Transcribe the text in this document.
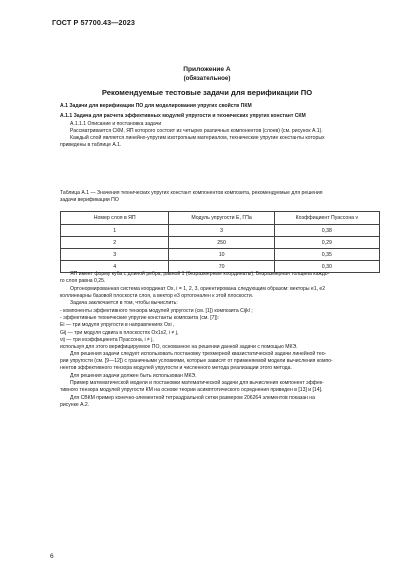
ГОСТ Р 57700.43—2023
Приложение А
(обязательное)
Рекомендуемые тестовые задачи для верификации ПО
А.1 Задачи для верификации ПО для моделирования упругих свойств ПКМ
А.1.1 Задача для расчета эффективных модулей упругости и технических упругих констант СКМ
А.1.1.1 Описание и постановка задачи
Рассматривается СКМ, ЯП которого состоит из четырех различных компонентов (слоев) (см. рисунок А.1).
Каждый слой является линейно-упругим изотропным материалом, технические упругие константы которых
приведены в таблице А.1.
Таблица А.1 — Значения технических упругих констант компонентов композита, рекомендуемые для решения
задачи верификации ПО
Номер слоя в ЯП	Модуль упругости E, ГПа	Коэффициент Пуассона ν
1	3	0,38
2	250	0,29
3	10	0,35
4	70	0,30
ЯП имеет форму куба с длиной ребра, равной 1 (безразмерные координаты). Безразмерная толщина каждо-
го слоя равна 0,25.
Ортонормированная система координат Ox, i = 1, 2, 3, ориентирована следующим образом: векторы e1, e2
коллинеарны базовой плоскости слоя, а вектор e3 ортогонален к этой плоскости.
Задача заключается в том, чтобы вычислить:
- компоненты эффективного тензора модулей упругости (см. [1]) композита C̃ijkl ;
- эффективные технические упругие константы композита (см. [7]):
Ei — три модуля упругости в направлениях Oxi ,
Gij — три модуля сдвига в плоскостях Ox1x2, i ≠ j,
νij — три коэффициента Пуассона, i ≠ j,
используя для этого верифицируемое ПО, основанное на решении данной задачи с помощью МКЭ.
Для решения задачи следует использовать постановку трехмерной квазистатической задачи линейной тео-
рии упругости (см. [9—12]) с граничными условиями, которые зависят от применяемой модели вычисления компо-
нентов эффективного тензора модулей упругости и численного метода реализации этого метода.
Для решения задачи должен быть использован МКЭ.
Пример математической модели и постановки математической задачи для вычисления компонент эффек-
тивного тензора модулей упругости КМ на основе теории асимптотического осреднения приведен в [13] и [14].
Для СВКМ пример конечно-элементной тетраэдральной сетки размером 206264 элементов показан на
рисунке А.2.
6
